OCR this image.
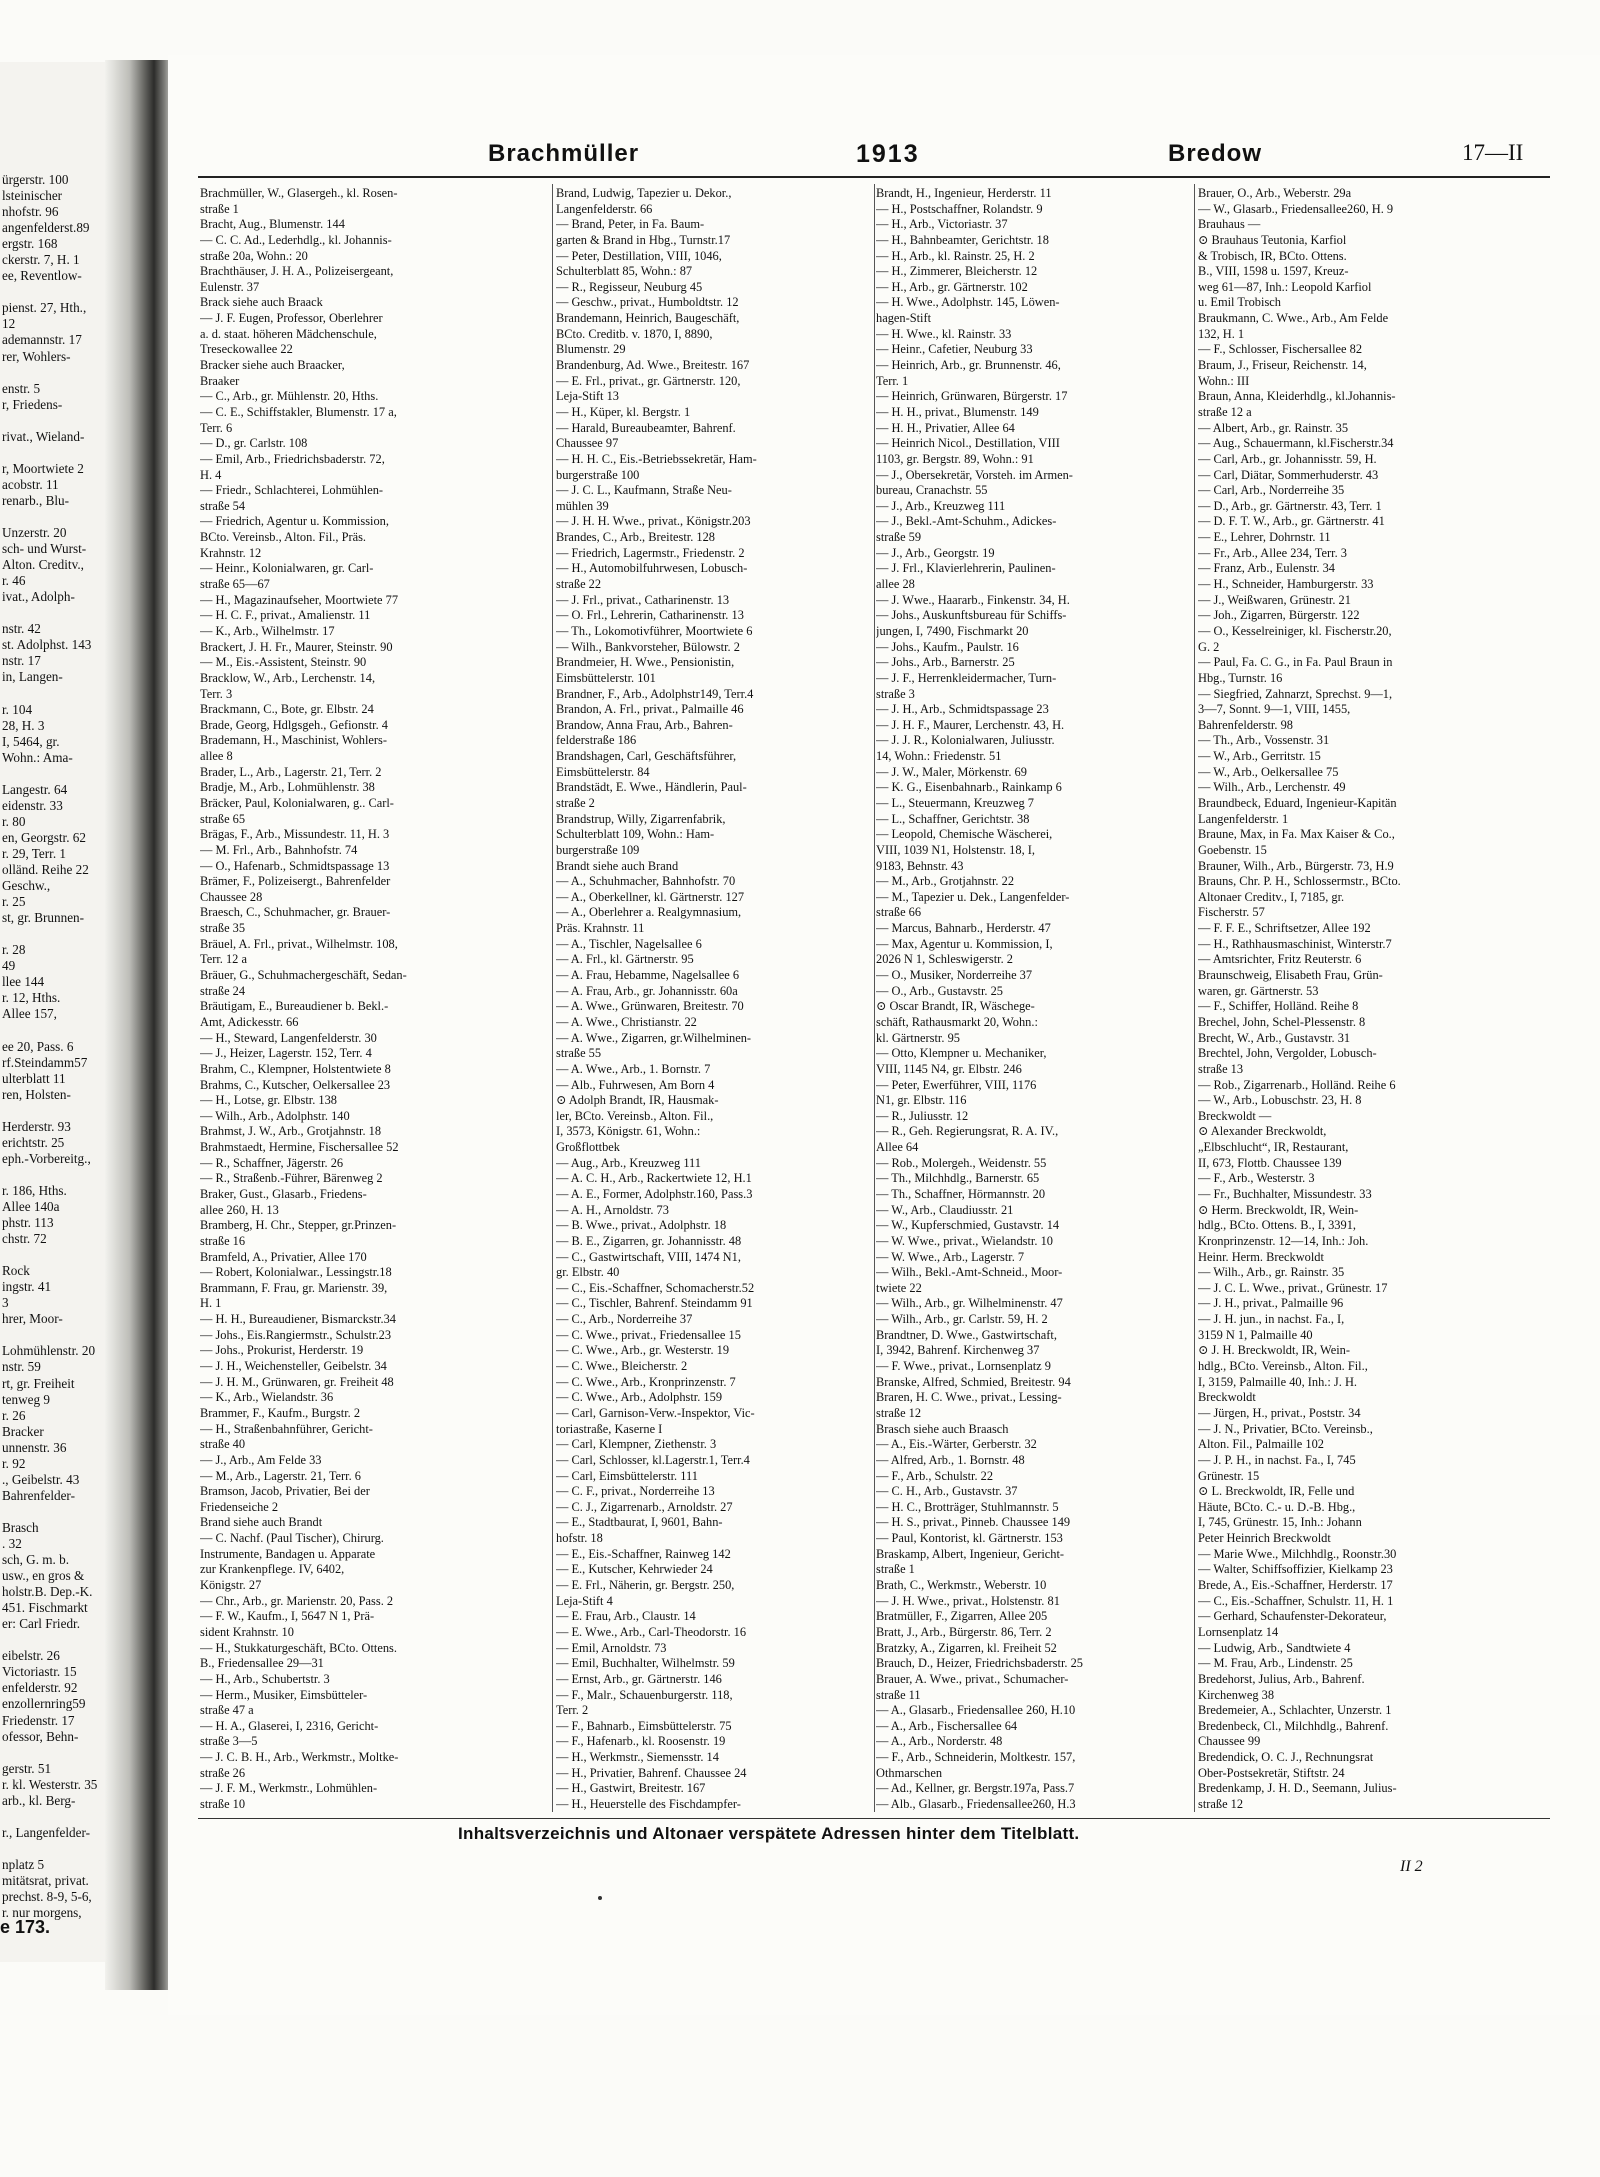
ürgerstr. 100
lsteinischer
nhofstr. 96
angenfelderst.89
ergstr. 168
ckerstr. 7, H. 1
ee, Reventlow-
pienst. 27, Hth.,
12
ademannstr. 17
rer, Wohlers-
enstr. 5
r, Friedens-
rivat., Wieland-
r, Moortwiete 2
acobstr. 11
renarb., Blu-
Unzerstr. 20
sch- und Wurst-
Alton. Creditv.,
r. 46
ivat., Adolph-
nstr. 42
st. Adolphst. 143
nstr. 17
in, Langen-
r. 104
28, H. 3
I, 5464, gr.
Wohn.: Ama-
Langestr. 64
eidenstr. 33
r. 80
en, Georgstr. 62
r. 29, Terr. 1
olländ. Reihe 22
Geschw.,
r. 25
st, gr. Brunnen-
r. 28
49
llee 144
r. 12, Hths.
Allee 157,
ee 20, Pass. 6
rf.Steindamm57
ulterblatt 11
ren, Holsten-
Herderstr. 93
erichtstr. 25
eph.-Vorbereitg.,
r. 186, Hths.
Allee 140a
phstr. 113
chstr. 72
Rock
ingstr. 41
3
hrer, Moor-
Lohmühlenstr. 20
nstr. 59
rt, gr. Freiheit
tenweg 9
r. 26
Bracker
unnenstr. 36
r. 92
., Geibelstr. 43
Bahrenfelder-
Brasch
. 32
sch, G. m. b.
usw., en gros &
holstr.B. Dep.-K.
451. Fischmarkt
er: Carl Friedr.
eibelstr. 26
Victoriastr. 15
enfelderstr. 92
enzollernring59
Friedenstr. 17
ofessor, Behn-
gerstr. 51
r. kl. Westerstr. 35
arb., kl. Berg-
r., Langenfelder-
nplatz 5
mitätsrat, privat.
prechst. 8-9, 5-6,
r. nur morgens,
e 173.
Brachmüller	1913	Bredow	17—II
Brachmüller, W., Glasergeh., kl. Rosen-
straße 1
Bracht, Aug., Blumenstr. 144
— C. C. Ad., Lederhdlg., kl. Johannis-
straße 20a, Wohn.: 20
Brachthäuser, J. H. A., Polizeisergeant,
Eulenstr. 37
Brack siehe auch Braack
— J. F. Eugen, Professor, Oberlehrer
a. d. staat. höheren Mädchenschule,
Treseckowallee 22
Bracker siehe auch Braacker,
Braaker
— C., Arb., gr. Mühlenstr. 20, Hths.
— C. E., Schiffstakler, Blumenstr. 17 a,
Terr. 6
— D., gr. Carlstr. 108
— Emil, Arb., Friedrichsbaderstr. 72,
H. 4
— Friedr., Schlachterei, Lohmühlen-
straße 54
— Friedrich, Agentur u. Kommission,
BCto. Vereinsb., Alton. Fil., Präs.
Krahnstr. 12
— Heinr., Kolonialwaren, gr. Carl-
straße 65—67
— H., Magazinaufseher, Moortwiete 77
— H. C. F., privat., Amalienstr. 11
— K., Arb., Wilhelmstr. 17
Brackert, J. H. Fr., Maurer, Steinstr. 90
— M., Eis.-Assistent, Steinstr. 90
Bracklow, W., Arb., Lerchenstr. 14,
Terr. 3
Brackmann, C., Bote, gr. Elbstr. 24
Brade, Georg, Hdlgsgeh., Gefionstr. 4
Brademann, H., Maschinist, Wohlers-
allee 8
Brader, L., Arb., Lagerstr. 21, Terr. 2
Bradje, M., Arb., Lohmühlenstr. 38
Bräcker, Paul, Kolonialwaren, g.. Carl-
straße 65
Brägas, F., Arb., Missundestr. 11, H. 3
— M. Frl., Arb., Bahnhofstr. 74
— O., Hafenarb., Schmidtspassage 13
Brämer, F., Polizeisergt., Bahrenfelder
Chaussee 28
Braesch, C., Schuhmacher, gr. Brauer-
straße 35
Bräuel, A. Frl., privat., Wilhelmstr. 108,
Terr. 12 a
Bräuer, G., Schuhmachergeschäft, Sedan-
straße 24
Bräutigam, E., Bureaudiener b. Bekl.-
Amt, Adickesstr. 66
— H., Steward, Langenfelderstr. 30
— J., Heizer, Lagerstr. 152, Terr. 4
Brahm, C., Klempner, Holstentwiete 8
Brahms, C., Kutscher, Oelkersallee 23
— H., Lotse, gr. Elbstr. 138
— Wilh., Arb., Adolphstr. 140
Brahmst, J. W., Arb., Grotjahnstr. 18
Brahmstaedt, Hermine, Fischersallee 52
— R., Schaffner, Jägerstr. 26
— R., Straßenb.-Führer, Bärenweg 2
Braker, Gust., Glasarb., Friedens-
allee 260, H. 13
Bramberg, H. Chr., Stepper, gr.Prinzen-
straße 16
Bramfeld, A., Privatier, Allee 170
— Robert, Kolonialwar., Lessingstr.18
Brammann, F. Frau, gr. Marienstr. 39,
H. 1
— H. H., Bureaudiener, Bismarckstr.34
— Johs., Eis.Rangiermstr., Schulstr.23
— Johs., Prokurist, Herderstr. 19
— J. H., Weichensteller, Geibelstr. 34
— J. H. M., Grünwaren, gr. Freiheit 48
— K., Arb., Wielandstr. 36
Brammer, F., Kaufm., Burgstr. 2
— H., Straßenbahnführer, Gericht-
straße 40
— J., Arb., Am Felde 33
— M., Arb., Lagerstr. 21, Terr. 6
Bramson, Jacob, Privatier, Bei der
Friedenseiche 2
Brand siehe auch Brandt
— C. Nachf. (Paul Tischer), Chirurg.
Instrumente, Bandagen u. Apparate
zur Krankenpflege. IV, 6402,
Königstr. 27
— Chr., Arb., gr. Marienstr. 20, Pass. 2
— F. W., Kaufm., I, 5647 N 1, Prä-
sident Krahnstr. 10
— H., Stukkaturgeschäft, BCto. Ottens.
B., Friedensallee 29—31
— H., Arb., Schubertstr. 3
— Herm., Musiker, Eimsbütteler-
straße 47 a
— H. A., Glaserei, I, 2316, Gericht-
straße 3—5
— J. C. B. H., Arb., Werkmstr., Moltke-
straße 26
— J. F. M., Werkmstr., Lohmühlen-
straße 10
Brand, Ludwig, Tapezier u. Dekor.,
Langenfelderstr. 66
— Brand, Peter, in Fa. Baum-
garten & Brand in Hbg., Turnstr.17
— Peter, Destillation, VIII, 1046,
Schulterblatt 85, Wohn.: 87
— R., Regisseur, Neuburg 45
— Geschw., privat., Humboldtstr. 12
Brandemann, Heinrich, Baugeschäft,
BCto. Creditb. v. 1870, I, 8890,
Blumenstr. 29
Brandenburg, Ad. Wwe., Breitestr. 167
— E. Frl., privat., gr. Gärtnerstr. 120,
Leja-Stift 13
— H., Küper, kl. Bergstr. 1
— Harald, Bureaubeamter, Bahrenf.
Chaussee 97
— H. H. C., Eis.-Betriebssekretär, Ham-
burgerstraße 100
— J. C. L., Kaufmann, Straße Neu-
mühlen 39
— J. H. H. Wwe., privat., Königstr.203
Brandes, C., Arb., Breitestr. 128
— Friedrich, Lagermstr., Friedenstr. 2
— H., Automobilfuhrwesen, Lobusch-
straße 22
— J. Frl., privat., Catharinenstr. 13
— O. Frl., Lehrerin, Catharinenstr. 13
— Th., Lokomotivführer, Moortwiete 6
— Wilh., Bankvorsteher, Bülowstr. 2
Brandmeier, H. Wwe., Pensionistin,
Eimsbüttelerstr. 101
Brandner, F., Arb., Adolphstr149, Terr.4
Brandon, A. Frl., privat., Palmaille 46
Brandow, Anna Frau, Arb., Bahren-
felderstraße 186
Brandshagen, Carl, Geschäftsführer,
Eimsbüttelerstr. 84
Brandstädt, E. Wwe., Händlerin, Paul-
straße 2
Brandstrup, Willy, Zigarrenfabrik,
Schulterblatt 109, Wohn.: Ham-
burgerstraße 109
Brandt siehe auch Brand
— A., Schuhmacher, Bahnhofstr. 70
— A., Oberkellner, kl. Gärtnerstr. 127
— A., Oberlehrer a. Realgymnasium,
Präs. Krahnstr. 11
— A., Tischler, Nagelsallee 6
— A. Frl., kl. Gärtnerstr. 95
— A. Frau, Hebamme, Nagelsallee 6
— A. Frau, Arb., gr. Johannisstr. 60a
— A. Wwe., Grünwaren, Breitestr. 70
— A. Wwe., Christianstr. 22
— A. Wwe., Zigarren, gr.Wilhelminen-
straße 55
— A. Wwe., Arb., 1. Bornstr. 7
— Alb., Fuhrwesen, Am Born 4
⊙ Adolph Brandt, IR, Hausmak-
ler, BCto. Vereinsb., Alton. Fil.,
I, 3573, Königstr. 61, Wohn.:
Großflottbek
— Aug., Arb., Kreuzweg 111
— A. C. H., Arb., Rackertwiete 12, H.1
— A. E., Former, Adolphstr.160, Pass.3
— A. H., Arnoldstr. 73
— B. Wwe., privat., Adolphstr. 18
— B. E., Zigarren, gr. Johannisstr. 48
— C., Gastwirtschaft, VIII, 1474 N1,
gr. Elbstr. 40
— C., Eis.-Schaffner, Schomacherstr.52
— C., Tischler, Bahrenf. Steindamm 91
— C., Arb., Norderreihe 37
— C. Wwe., privat., Friedensallee 15
— C. Wwe., Arb., gr. Westerstr. 19
— C. Wwe., Bleicherstr. 2
— C. Wwe., Arb., Kronprinzenstr. 7
— C. Wwe., Arb., Adolphstr. 159
— Carl, Garnison-Verw.-Inspektor, Vic-
toriastraße, Kaserne I
— Carl, Klempner, Ziethenstr. 3
— Carl, Schlosser, kl.Lagerstr.1, Terr.4
— Carl, Eimsbüttelerstr. 111
— C. F., privat., Norderreihe 13
— C. J., Zigarrenarb., Arnoldstr. 27
— E., Stadtbaurat, I, 9601, Bahn-
hofstr. 18
— E., Eis.-Schaffner, Rainweg 142
— E., Kutscher, Kehrwieder 24
— E. Frl., Näherin, gr. Bergstr. 250,
Leja-Stift 4
— E. Frau, Arb., Claustr. 14
— E. Wwe., Arb., Carl-Theodorstr. 16
— Emil, Arnoldstr. 73
— Emil, Buchhalter, Wilhelmstr. 59
— Ernst, Arb., gr. Gärtnerstr. 146
— F., Malr., Schauenburgerstr. 118,
Terr. 2
— F., Bahnarb., Eimsbüttelerstr. 75
— F., Hafenarb., kl. Roosenstr. 19
— H., Werkmstr., Siemensstr. 14
— H., Privatier, Bahrenf. Chaussee 24
— H., Gastwirt, Breitestr. 167
— H., Heuerstelle des Fischdampfer-
Brandt, H., Ingenieur, Herderstr. 11
— H., Postschaffner, Rolandstr. 9
— H., Arb., Victoriastr. 37
— H., Bahnbeamter, Gerichtstr. 18
— H., Arb., kl. Rainstr. 25, H. 2
— H., Zimmerer, Bleicherstr. 12
— H., Arb., gr. Gärtnerstr. 102
— H. Wwe., Adolphstr. 145, Löwen-
hagen-Stift
— H. Wwe., kl. Rainstr. 33
— Heinr., Cafetier, Neuburg 33
— Heinrich, Arb., gr. Brunnenstr. 46,
Terr. 1
— Heinrich, Grünwaren, Bürgerstr. 17
— H. H., privat., Blumenstr. 149
— H. H., Privatier, Allee 64
— Heinrich Nicol., Destillation, VIII
1103, gr. Bergstr. 89, Wohn.: 91
— J., Obersekretär, Vorsteh. im Armen-
bureau, Cranachstr. 55
— J., Arb., Kreuzweg 111
— J., Bekl.-Amt-Schuhm., Adickes-
straße 59
— J., Arb., Georgstr. 19
— J. Frl., Klavierlehrerin, Paulinen-
allee 28
— J. Wwe., Haararb., Finkenstr. 34, H.
— Johs., Auskunftsbureau für Schiffs-
jungen, I, 7490, Fischmarkt 20
— Johs., Kaufm., Paulstr. 16
— Johs., Arb., Barnerstr. 25
— J. F., Herrenkleidermacher, Turn-
straße 3
— J. H., Arb., Schmidtspassage 23
— J. H. F., Maurer, Lerchenstr. 43, H.
— J. J. R., Kolonialwaren, Juliusstr.
14, Wohn.: Friedenstr. 51
— J. W., Maler, Mörkenstr. 69
— K. G., Eisenbahnarb., Rainkamp 6
— L., Steuermann, Kreuzweg 7
— L., Schaffner, Gerichtstr. 38
— Leopold, Chemische Wäscherei,
VIII, 1039 N1, Holstenstr. 18, I,
9183, Behnstr. 43
— M., Arb., Grotjahnstr. 22
— M., Tapezier u. Dek., Langenfelder-
straße 66
— Marcus, Bahnarb., Herderstr. 47
— Max, Agentur u. Kommission, I,
2026 N 1, Schleswigerstr. 2
— O., Musiker, Norderreihe 37
— O., Arb., Gustavstr. 25
⊙ Oscar Brandt, IR, Wäschege-
schäft, Rathausmarkt 20, Wohn.:
kl. Gärtnerstr. 95
— Otto, Klempner u. Mechaniker,
VIII, 1145 N4, gr. Elbstr. 246
— Peter, Ewerführer, VIII, 1176
N1, gr. Elbstr. 116
— R., Juliusstr. 12
— R., Geh. Regierungsrat, R. A. IV.,
Allee 64
— Rob., Molergeh., Weidenstr. 55
— Th., Milchhdlg., Barnerstr. 65
— Th., Schaffner, Hörmannstr. 20
— W., Arb., Claudiusstr. 21
— W., Kupferschmied, Gustavstr. 14
— W. Wwe., privat., Wielandstr. 10
— W. Wwe., Arb., Lagerstr. 7
— Wilh., Bekl.-Amt-Schneid., Moor-
twiete 22
— Wilh., Arb., gr. Wilhelminenstr. 47
— Wilh., Arb., gr. Carlstr. 59, H. 2
Brandtner, D. Wwe., Gastwirtschaft,
I, 3942, Bahrenf. Kirchenweg 37
— F. Wwe., privat., Lornsenplatz 9
Branske, Alfred, Schmied, Breitestr. 94
Braren, H. C. Wwe., privat., Lessing-
straße 12
Brasch siehe auch Braasch
— A., Eis.-Wärter, Gerberstr. 32
— Alfred, Arb., 1. Bornstr. 48
— F., Arb., Schulstr. 22
— C. H., Arb., Gustavstr. 37
— H. C., Brotträger, Stuhlmannstr. 5
— H. S., privat., Pinneb. Chaussee 149
— Paul, Kontorist, kl. Gärtnerstr. 153
Braskamp, Albert, Ingenieur, Gericht-
straße 1
Brath, C., Werkmstr., Weberstr. 10
— J. H. Wwe., privat., Holstenstr. 81
Bratmüller, F., Zigarren, Allee 205
Bratt, J., Arb., Bürgerstr. 86, Terr. 2
Bratzky, A., Zigarren, kl. Freiheit 52
Brauch, D., Heizer, Friedrichsbaderstr. 25
Brauer, A. Wwe., privat., Schumacher-
straße 11
— A., Glasarb., Friedensallee 260, H.10
— A., Arb., Fischersallee 64
— A., Arb., Norderstr. 48
— F., Arb., Schneiderin, Moltkestr. 157,
Othmarschen
— Ad., Kellner, gr. Bergstr.197a, Pass.7
— Alb., Glasarb., Friedensallee260, H.3
Brauer, O., Arb., Weberstr. 29a
— W., Glasarb., Friedensallee260, H. 9
Brauhaus —
⊙ Brauhaus Teutonia, Karfiol
& Trobisch, IR, BCto. Ottens.
B., VIII, 1598 u. 1597, Kreuz-
weg 61—87, Inh.: Leopold Karfiol
u. Emil Trobisch
Braukmann, C. Wwe., Arb., Am Felde
132, H. 1
— F., Schlosser, Fischersallee 82
Braum, J., Friseur, Reichenstr. 14,
Wohn.: III
Braun, Anna, Kleiderhdlg., kl.Johannis-
straße 12 a
— Albert, Arb., gr. Rainstr. 35
— Aug., Schauermann, kl.Fischerstr.34
— Carl, Arb., gr. Johannisstr. 59, H.
— Carl, Diätar, Sommerhuderstr. 43
— Carl, Arb., Norderreihe 35
— D., Arb., gr. Gärtnerstr. 43, Terr. 1
— D. F. T. W., Arb., gr. Gärtnerstr. 41
— E., Lehrer, Dohrnstr. 11
— Fr., Arb., Allee 234, Terr. 3
— Franz, Arb., Eulenstr. 34
— H., Schneider, Hamburgerstr. 33
— J., Weißwaren, Grünestr. 21
— Joh., Zigarren, Bürgerstr. 122
— O., Kesselreiniger, kl. Fischerstr.20,
G. 2
— Paul, Fa. C. G., in Fa. Paul Braun in
Hbg., Turnstr. 16
— Siegfried, Zahnarzt, Sprechst. 9—1,
3—7, Sonnt. 9—1, VIII, 1455,
Bahrenfelderstr. 98
— Th., Arb., Vossenstr. 31
— W., Arb., Gerritstr. 15
— W., Arb., Oelkersallee 75
— Wilh., Arb., Lerchenstr. 49
Braundbeck, Eduard, Ingenieur-Kapitän
Langenfelderstr. 1
Braune, Max, in Fa. Max Kaiser & Co.,
Goebenstr. 15
Brauner, Wilh., Arb., Bürgerstr. 73, H.9
Brauns, Chr. P. H., Schlossermstr., BCto.
Altonaer Creditv., I, 7185, gr.
Fischerstr. 57
— F. F. E., Schriftsetzer, Allee 192
— H., Rathhausmaschinist, Winterstr.7
— Amtsrichter, Fritz Reuterstr. 6
Braunschweig, Elisabeth Frau, Grün-
waren, gr. Gärtnerstr. 53
— F., Schiffer, Holländ. Reihe 8
Brechel, John, Schel-Plessenstr. 8
Brecht, W., Arb., Gustavstr. 31
Brechtel, John, Vergolder, Lobusch-
straße 13
— Rob., Zigarrenarb., Holländ. Reihe 6
— W., Arb., Lobuschstr. 23, H. 8
Breckwoldt —
⊙ Alexander Breckwoldt,
„Elbschlucht“, IR, Restaurant,
II, 673, Flottb. Chaussee 139
— F., Arb., Westerstr. 3
— Fr., Buchhalter, Missundestr. 33
⊙ Herm. Breckwoldt, IR, Wein-
hdlg., BCto. Ottens. B., I, 3391,
Kronprinzenstr. 12—14, Inh.: Joh.
Heinr. Herm. Breckwoldt
— Wilh., Arb., gr. Rainstr. 35
— J. C. L. Wwe., privat., Grünestr. 17
— J. H., privat., Palmaille 96
— J. H. jun., in nachst. Fa., I,
3159 N 1, Palmaille 40
⊙ J. H. Breckwoldt, IR, Wein-
hdlg., BCto. Vereinsb., Alton. Fil.,
I, 3159, Palmaille 40, Inh.: J. H.
Breckwoldt
— Jürgen, H., privat., Poststr. 34
— J. N., Privatier, BCto. Vereinsb.,
Alton. Fil., Palmaille 102
— J. P. H., in nachst. Fa., I, 745
Grünestr. 15
⊙ L. Breckwoldt, IR, Felle und
Häute, BCto. C.- u. D.-B. Hbg.,
I, 745, Grünestr. 15, Inh.: Johann
Peter Heinrich Breckwoldt
— Marie Wwe., Milchhdlg., Roonstr.30
— Walter, Schiffsoffizier, Kielkamp 23
Brede, A., Eis.-Schaffner, Herderstr. 17
— C., Eis.-Schaffner, Schulstr. 11, H. 1
— Gerhard, Schaufenster-Dekorateur,
Lornsenplatz 14
— Ludwig, Arb., Sandtwiete 4
— M. Frau, Arb., Lindenstr. 25
Bredehorst, Julius, Arb., Bahrenf.
Kirchenweg 38
Bredemeier, A., Schlachter, Unzerstr. 1
Bredenbeck, Cl., Milchhdlg., Bahrenf.
Chaussee 99
Bredendick, O. C. J., Rechnungsrat
Ober-Postsekretär, Stiftstr. 24
Bredenkamp, J. H. D., Seemann, Julius-
straße 12
Inhaltsverzeichnis und Altonaer verspätete Adressen hinter dem Titelblatt.
II 2
